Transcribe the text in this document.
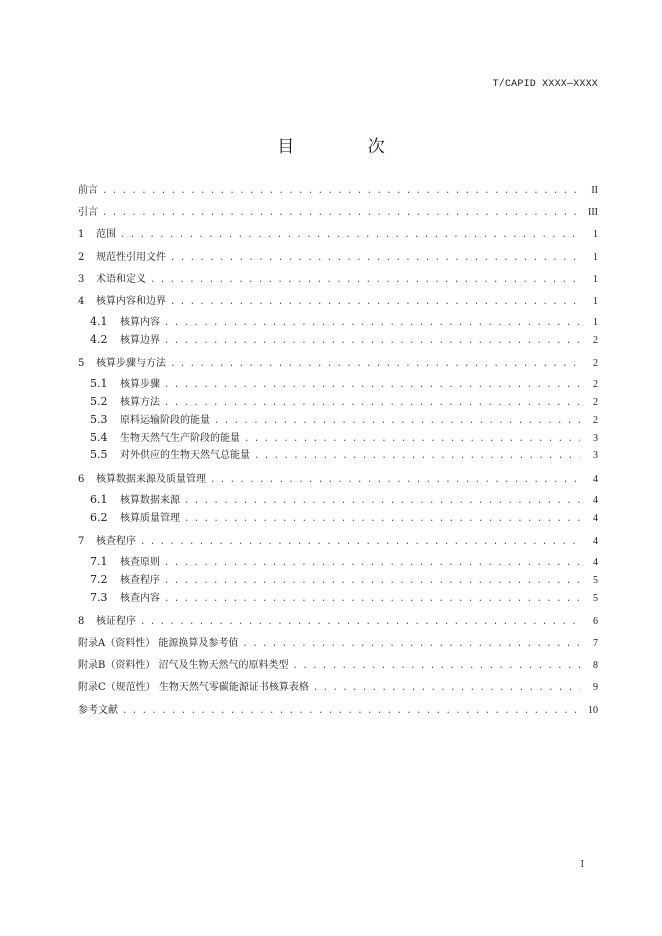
T/CAPID XXXX—XXXX
目 次
前言 . . .	II
引言 . . .	III
1	范围 . . .	1
2	规范性引用文件 . . .	1
3	术语和定义 . . .	1
4	核算内容和边界 . . .	1
4.1	核算内容 . . .	1
4.2	核算边界 . . .	2
5	核算步骤与方法 . . .	2
5.1	核算步骤 . . .	2
5.2	核算方法 . . .	2
5.3	原料运输阶段的能量 . . .	2
5.4	生物天然气生产阶段的能量 . . .	3
5.5	对外供应的生物天然气总能量 . . .	3
6	核算数据来源及质量管理 . . .	4
6.1	核算数据来源 . . .	4
6.2	核算质量管理 . . .	4
7	核查程序 . . .	4
7.1	核查原则 . . .	4
7.2	核查程序 . . .	5
7.3	核查内容 . . .	5
8	核证程序 . . .	6
附录A（资料性） 能源换算及参考值 . . .	7
附录B（资料性） 沼气及生物天然气的原料类型 . . .	8
附录C（规范性） 生物天然气零碳能源证书核算表格 . . .	9
参考文献 . . .	10
I
